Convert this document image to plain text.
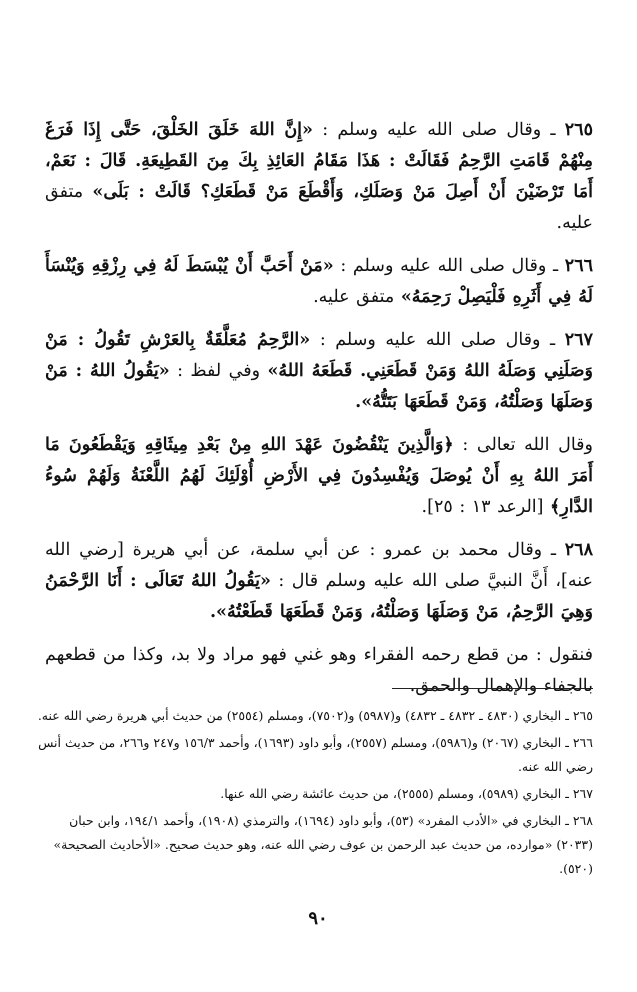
٢٦٥ ـ وقال صلى الله عليه وسلم : «إِنَّ اللهَ خَلَقَ الخَلْقَ، حَتَّى إِذَا فَرَغَ مِنْهُمْ قَامَتِ الرَّحِمُ فَقَالَتْ : هَذَا مَقَامُ العَائِذِ بِكَ مِنَ القَطِيعَةِ. قَالَ : نَعَمْ، أَمَا تَرْضَيْنَ أَنْ أَصِلَ مَنْ وَصَلَكِ، وَأَقْطَعَ مَنْ قَطَعَكِ؟ قَالَتْ : بَلَى» متفق عليه.

٢٦٦ ـ وقال صلى الله عليه وسلم : «مَنْ أَحَبَّ أَنْ يُبْسَطَ لَهُ فِي رِزْقِهِ وَيُنْسَأَ لَهُ فِي أَثَرِهِ فَلْيَصِلْ رَحِمَهُ» متفق عليه.

٢٦٧ ـ وقال صلى الله عليه وسلم : «الرَّحِمُ مُعَلَّقَةٌ بِالعَرْشِ تَقُولُ : مَنْ وَصَلَنِي وَصَلَهُ اللهُ وَمَنْ قَطَعَنِي. قَطَعَهُ اللهُ» وفي لفظ : «يَقُولُ اللهُ : مَنْ وَصَلَهَا وَصَلْتُهُ، وَمَنْ قَطَعَهَا بَتَتُّهُ».

وقال الله تعالى : ﴿وَالَّذِينَ يَنْقُضُونَ عَهْدَ اللهِ مِنْ بَعْدِ مِيثَاقِهِ وَيَقْطَعُونَ مَا أَمَرَ اللهُ بِهِ أَنْ يُوصَلَ وَيُفْسِدُونَ فِي الأَرْضِ أُوْلَئِكَ لَهُمُ اللَّعْنَةُ وَلَهُمْ سُوءُ الدَّارِ﴾ [الرعد ١٣ : ٢٥].

٢٦٨ ـ وقال محمد بن عمرو : عن أبي سلمة، عن أبي هريرة [رضي الله عنه]، أَنَّ النبيَّ صلى الله عليه وسلم قال : «يَقُولُ اللهُ تَعَالَى : أَنَا الرَّحْمَنُ وَهِيَ الرَّحِمُ، مَنْ وَصَلَهَا وَصَلْتُهُ، وَمَنْ قَطَعَهَا قَطَعْتُهُ».

فنقول : من قطع رحمه الفقراء وهو غني فهو مراد ولا بد، وكذا من قطعهم بالجفاء والإهمال والحمق.

٢٦٥ ـ البخاري (٤٨٣٠ ـ ٤٨٣٢ ـ ٤٨٣٢) و(٥٩٨٧) و(٧٥٠٢)، ومسلم (٢٥٥٤) من حديث أبي هريرة رضي الله عنه.

٢٦٦ ـ البخاري (٢٠٦٧) و(٥٩٨٦)، ومسلم (٢٥٥٧)، وأبو داود (١٦٩٣)، وأحمد ١٥٦/٣ و٢٤٧ و٢٦٦، من حديث أنس رضي الله عنه.

٢٦٧ ـ البخاري (٥٩٨٩)، ومسلم (٢٥٥٥)، من حديث عائشة رضي الله عنها.

٢٦٨ ـ البخاري في «الأدب المفرد» (٥٣)، وأبو داود (١٦٩٤)، والترمذي (١٩٠٨)، وأحمد ١٩٤/١، وابن حبان (٢٠٣٣) «موارده، من حديث عبد الرحمن بن عوف رضي الله عنه، وهو حديث صحيح. «الأحاديث الصحيحة» (٥٢٠).

٩٠
